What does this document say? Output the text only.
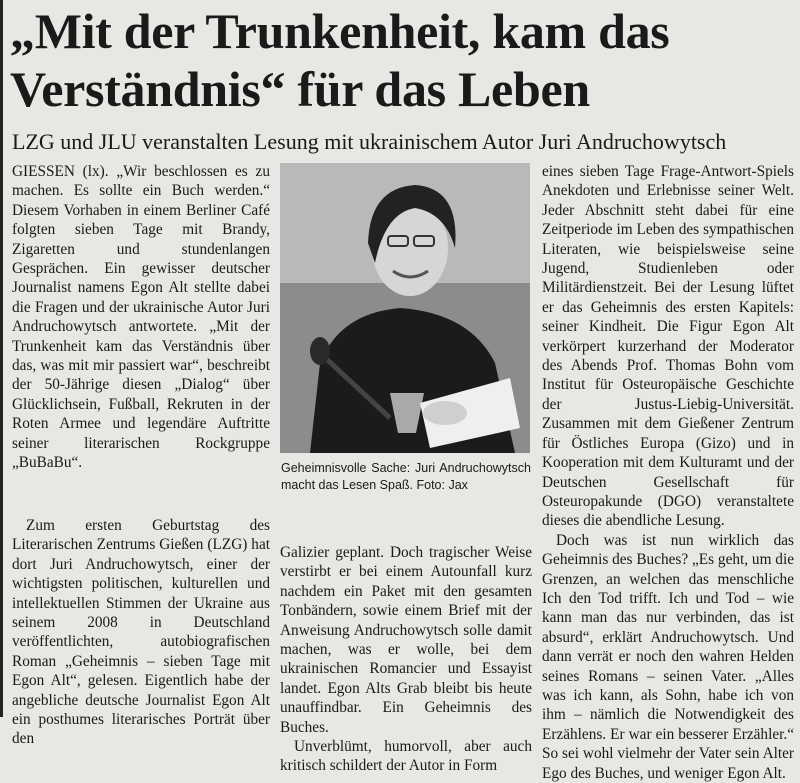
„Mit der Trunkenheit, kam das Verständnis“ für das Leben
LZG und JLU veranstalten Lesung mit ukrainischem Autor Juri Andruchowytsch

GIESSEN (lx). „Wir beschlossen es zu machen. Es sollte ein Buch werden.“ Diesem Vorhaben in einem Berliner Café folgten sieben Tage mit Brandy, Zigaretten und stundenlangen Gesprächen. Ein gewisser deutscher Journalist namens Egon Alt stellte dabei die Fragen und der ukrainische Autor Juri Andruchowytsch antwortete. „Mit der Trunkenheit kam das Verständnis über das, was mit mir passiert war“, beschreibt der 50-Jährige diesen „Dialog“ über Glücklichsein, Fußball, Rekruten in der Roten Armee und legendäre Auftritte seiner literarischen Rockgruppe „BuBaBu“.

Zum ersten Geburtstag des Literarischen Zentrums Gießen (LZG) hat dort Juri Andruchowytsch, einer der wichtigsten politischen, kulturellen und intellektuellen Stimmen der Ukraine aus seinem 2008 in Deutschland veröffentlichten, autobiografischen Roman „Geheimnis – sieben Tage mit Egon Alt“, gelesen. Eigentlich habe der angebliche deutsche Journalist Egon Alt ein posthumes literarisches Porträt über den

Geheimnisvolle Sache: Juri Andruchowytsch macht das Lesen Spaß. Foto: Jax

Galizier geplant. Doch tragischer Weise verstirbt er bei einem Autounfall kurz nachdem ein Paket mit den gesamten Tonbändern, sowie einem Brief mit der Anweisung Andruchowytsch solle damit machen, was er wolle, bei dem ukrainischen Romancier und Essayist landet. Egon Alts Grab bleibt bis heute unauffindbar. Ein Geheimnis des Buches.

Unverblümt, humorvoll, aber auch kritisch schildert der Autor in Form

eines sieben Tage Frage-Antwort-Spiels Anekdoten und Erlebnisse seiner Welt. Jeder Abschnitt steht dabei für eine Zeitperiode im Leben des sympathischen Literaten, wie beispielsweise seine Jugend, Studienleben oder Militärdienstzeit. Bei der Lesung lüftet er das Geheimnis des ersten Kapitels: seiner Kindheit. Die Figur Egon Alt verkörpert kurzerhand der Moderator des Abends Prof. Thomas Bohn vom Institut für Osteuropäische Geschichte der Justus-Liebig-Universität. Zusammen mit dem Gießener Zentrum für Östliches Europa (Gizo) und in Kooperation mit dem Kulturamt und der Deutschen Gesellschaft für Osteuropakunde (DGO) veranstaltete dieses die abendliche Lesung.

Doch was ist nun wirklich das Geheimnis des Buches? „Es geht, um die Grenzen, an welchen das menschliche Ich den Tod trifft. Ich und Tod – wie kann man das nur verbinden, das ist absurd“, erklärt Andruchowytsch. Und dann verrät er noch den wahren Helden seines Romans – seinen Vater. „Alles was ich kann, als Sohn, habe ich von ihm – nämlich die Notwendigkeit des Erzählens. Er war ein besserer Erzähler.“ So sei wohl vielmehr der Vater sein Alter Ego des Buches, und weniger Egon Alt.
